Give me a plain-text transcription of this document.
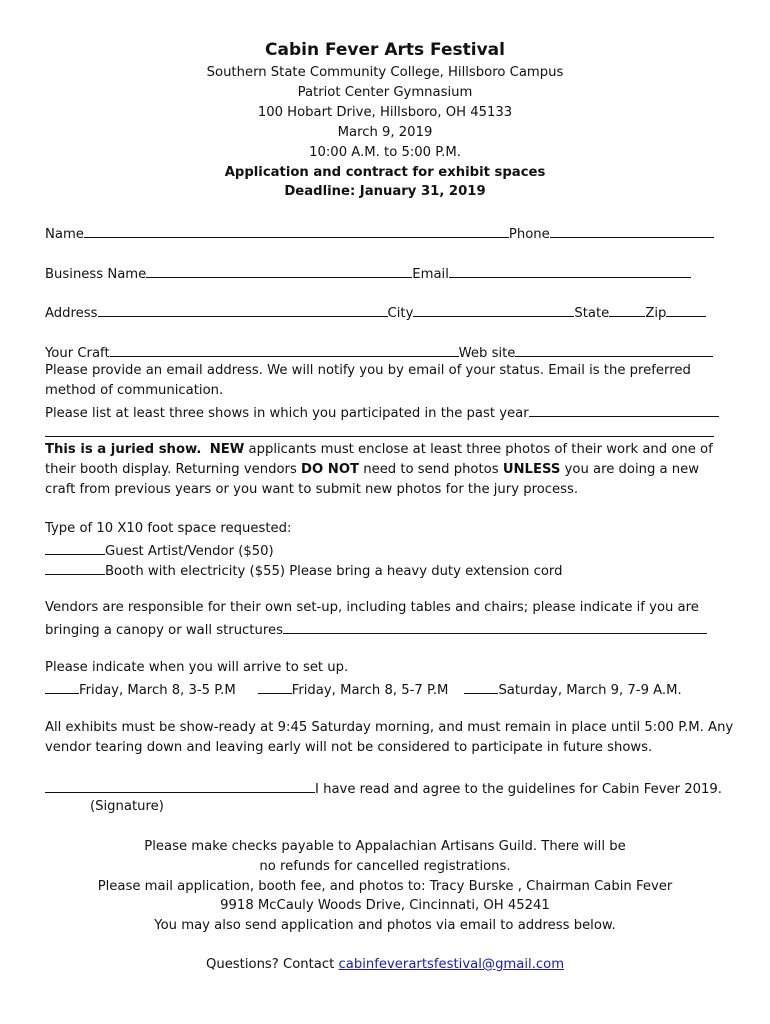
Cabin Fever Arts Festival
Southern State Community College, Hillsboro Campus
Patriot Center Gymnasium
100 Hobart Drive, Hillsboro, OH 45133
March 9, 2019
10:00 A.M. to 5:00 P.M.
Application and contract for exhibit spaces
Deadline: January 31, 2019
Name	Phone
Business Name	Email
Address	City	State	Zip
Your Craft	Web site
Please provide an email address. We will notify you by email of your status. Email is the preferred
method of communication.
Please list at least three shows in which you participated in the past year
This is a juried show. NEW applicants must enclose at least three photos of their work and one of
their booth display. Returning vendors DO NOT need to send photos UNLESS you are doing a new
craft from previous years or you want to submit new photos for the jury process.
Type of 10 X10 foot space requested:
Guest Artist/Vendor ($50)
Booth with electricity ($55) Please bring a heavy duty extension cord
Vendors are responsible for their own set-up, including tables and chairs; please indicate if you are
bringing a canopy or wall structures
Please indicate when you will arrive to set up.
Friday, March 8, 3-5 P.M	Friday, March 8, 5-7 P.M	Saturday, March 9, 7-9 A.M.
All exhibits must be show-ready at 9:45 Saturday morning, and must remain in place until 5:00 P.M. Any
vendor tearing down and leaving early will not be considered to participate in future shows.
I have read and agree to the guidelines for Cabin Fever 2019.
(Signature)
Please make checks payable to Appalachian Artisans Guild. There will be
no refunds for cancelled registrations.
Please mail application, booth fee, and photos to: Tracy Burske , Chairman Cabin Fever
9918 McCauly Woods Drive, Cincinnati, OH 45241
You may also send application and photos via email to address below.
Questions? Contact cabinfeverartsfestival@gmail.com
